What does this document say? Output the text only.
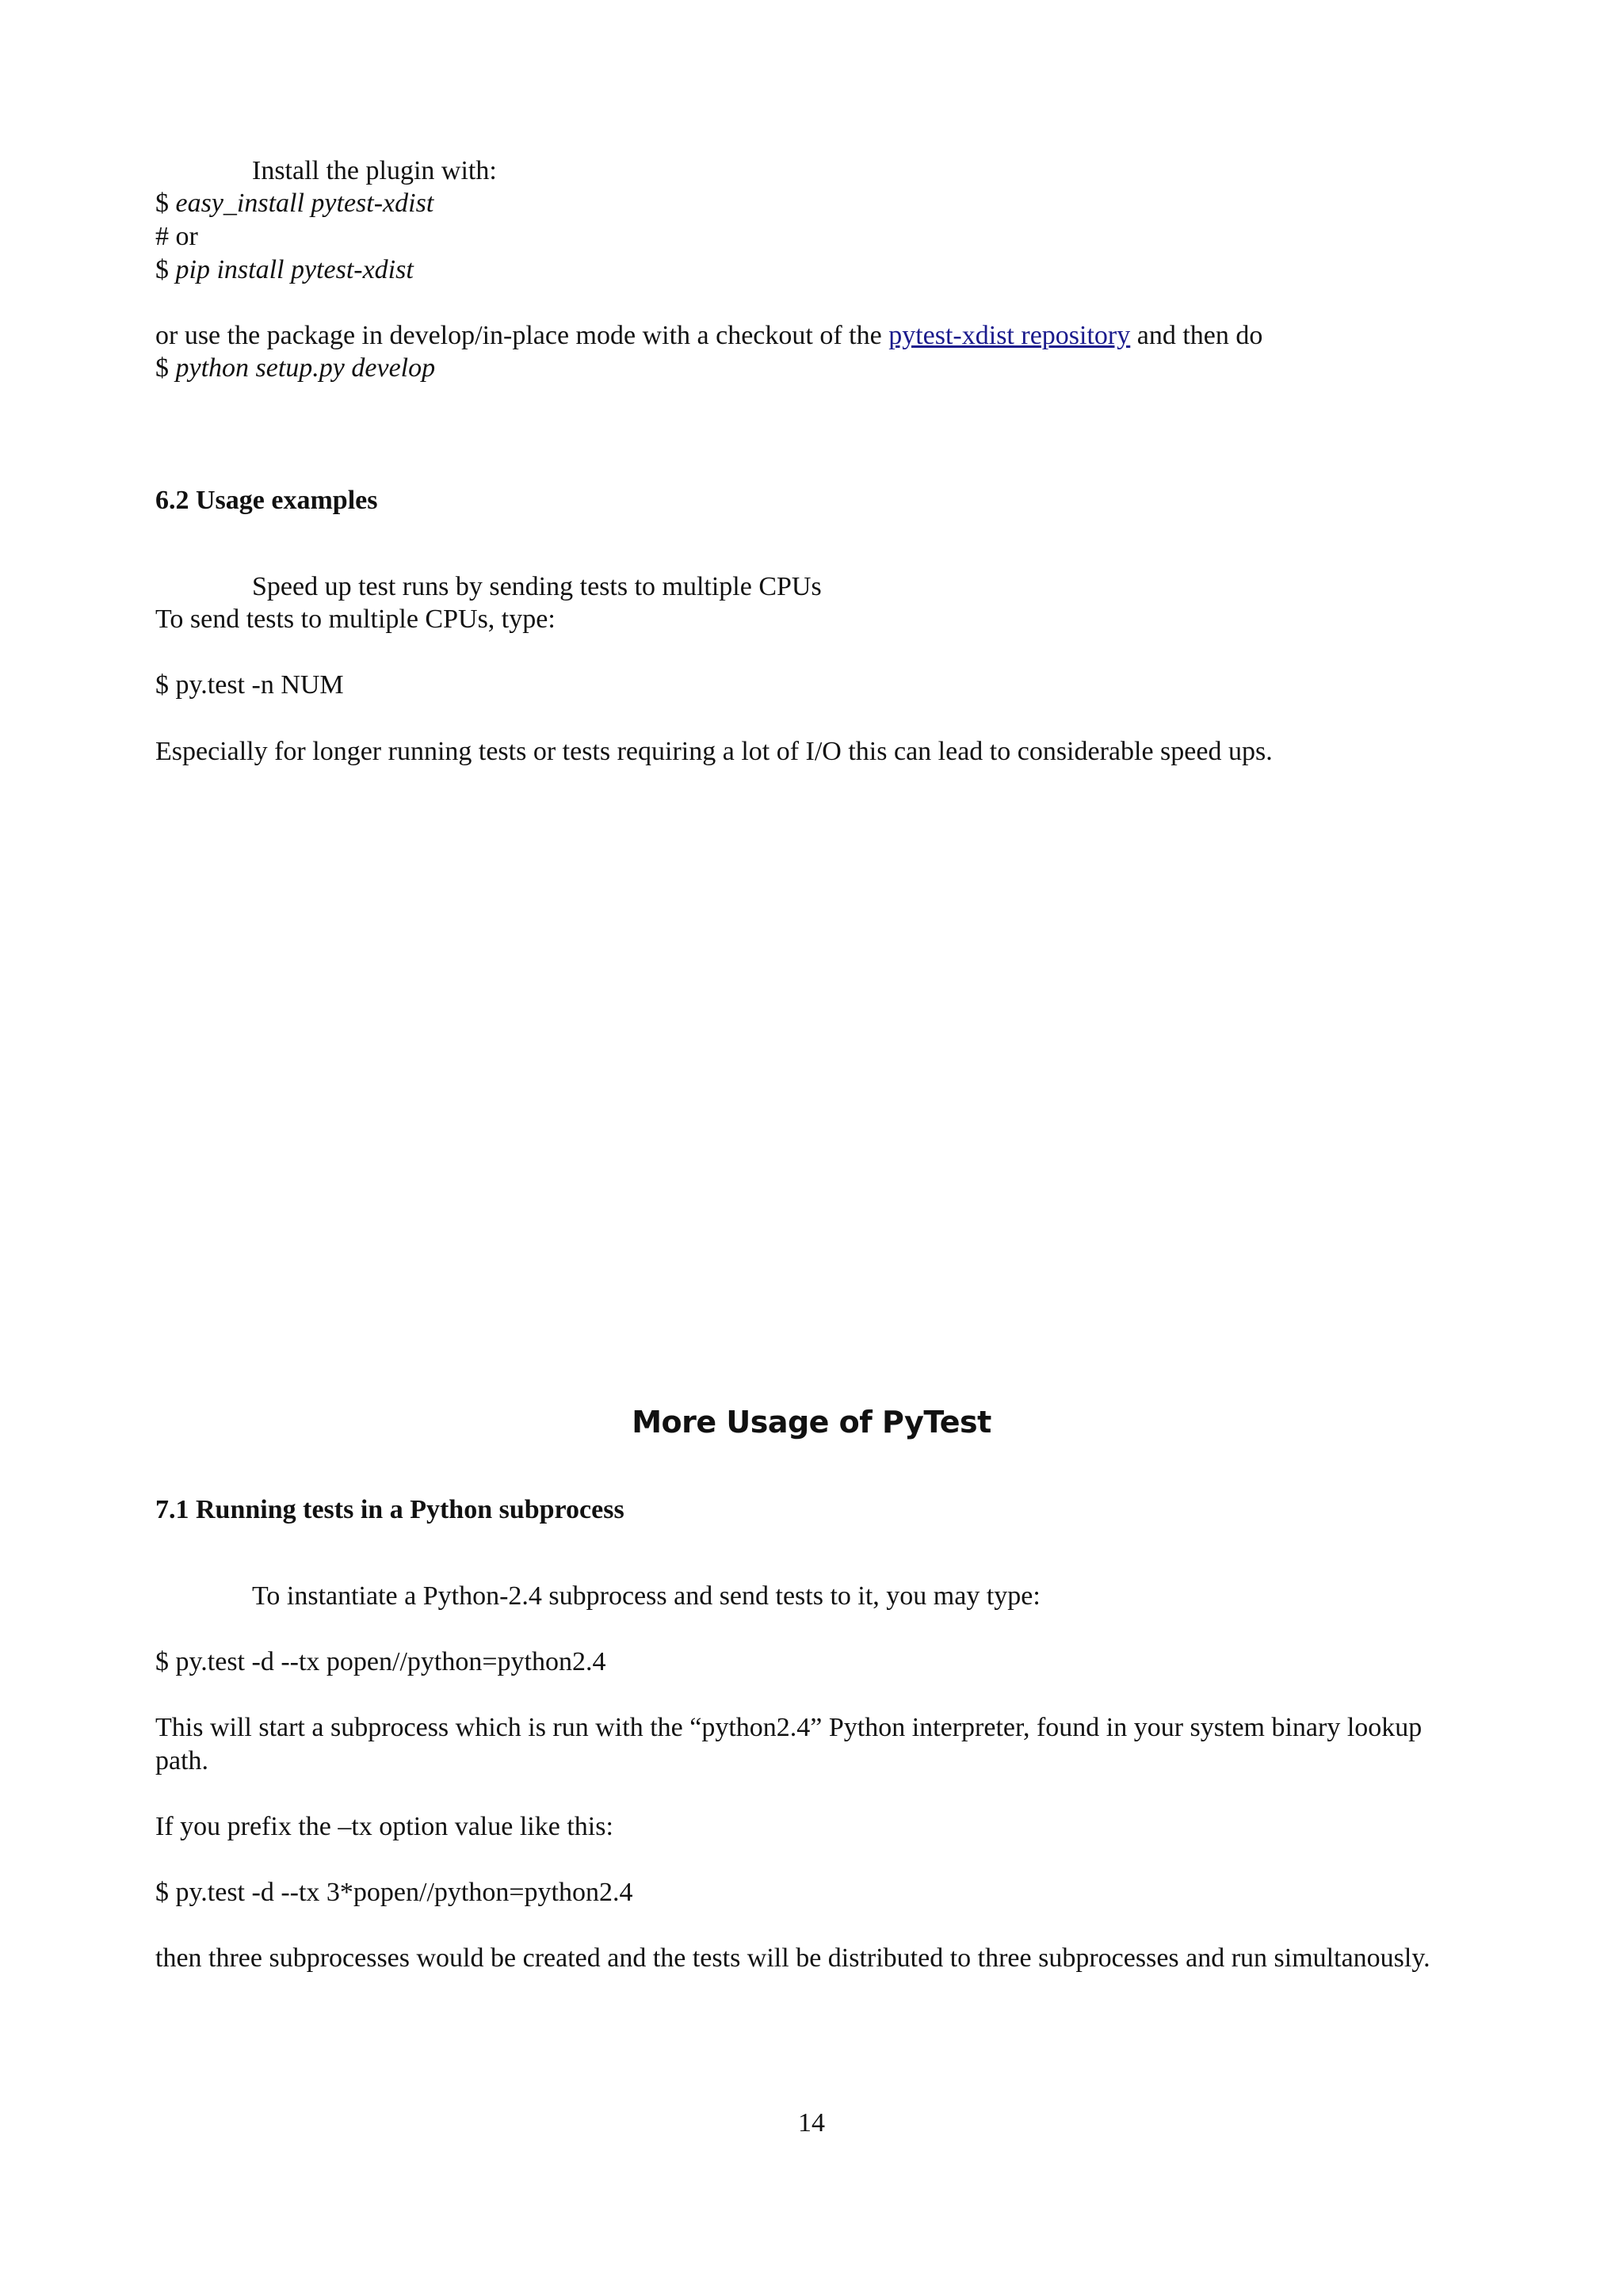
Install the plugin with:
$ easy_install pytest-xdist
# or
$ pip install pytest-xdist
or use the package in develop/in-place mode with a checkout of the pytest-xdist repository and then do
$ python setup.py develop
6.2 Usage examples
Speed up test runs by sending tests to multiple CPUs
To send tests to multiple CPUs, type:
$ py.test -n NUM
Especially for longer running tests or tests requiring a lot of I/O this can lead to considerable speed ups.
More Usage of PyTest
7.1 Running tests in a Python subprocess
To instantiate a Python-2.4 subprocess and send tests to it, you may type:
$ py.test -d --tx popen//python=python2.4
This will start a subprocess which is run with the “python2.4” Python interpreter, found in your system binary lookup path.
If you prefix the –tx option value like this:
$ py.test -d --tx 3*popen//python=python2.4
then three subprocesses would be created and the tests will be distributed to three subprocesses and run simultanously.
14
